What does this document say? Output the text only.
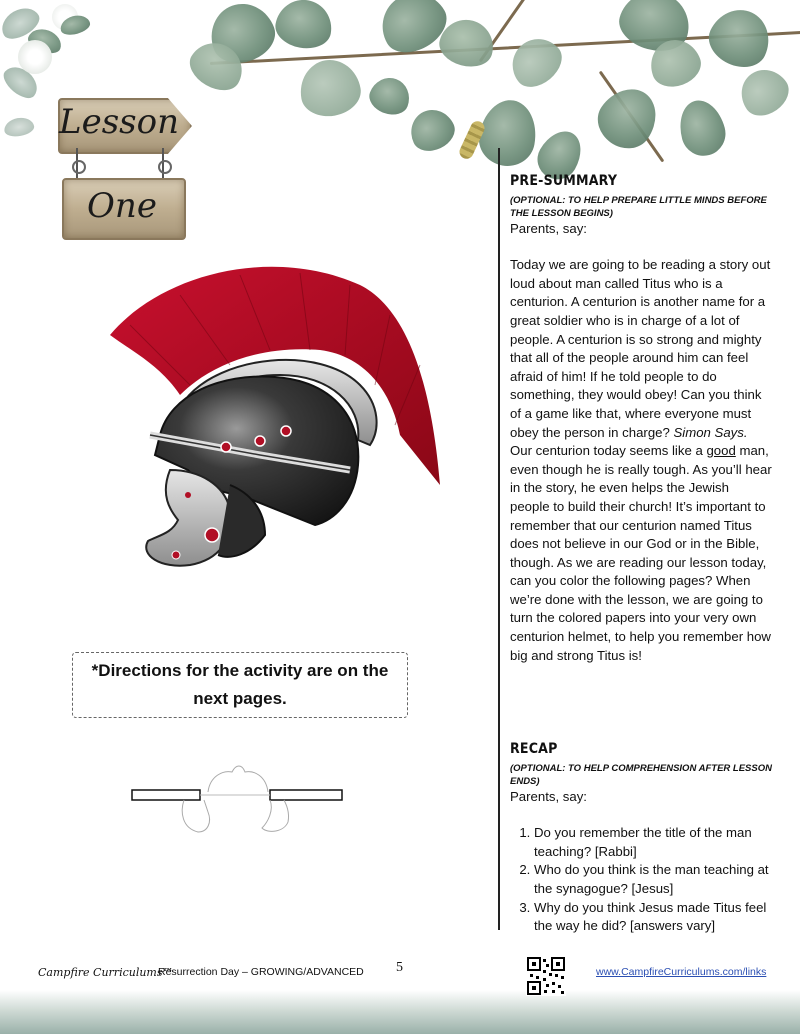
Lesson
One
*Directions for the activity are on the next pages.
PRE-SUMMARY
(OPTIONAL: TO HELP PREPARE LITTLE MINDS BEFORE THE LESSON BEGINS)
Parents, say:

Today we are going to be reading a story out loud about man called Titus who is a centurion. A centurion is another name for a great soldier who is in charge of a lot of people. A centurion is so strong and mighty that all of the people around him can feel afraid of him! If he told people to do something, they would obey! Can you think of a game like that, where everyone must obey the person in charge? Simon Says.

Our centurion today seems like a good man, even though he is really tough. As you’ll hear in the story, he even helps the Jewish people to build their church! It’s important to remember that our centurion named Titus does not believe in our God or in the Bible, though. As we are reading our lesson today, can you color the following pages? When we’re done with the lesson, we are going to turn the colored papers into your very own centurion helmet, to help you remember how big and strong Titus is!

RECAP
(OPTIONAL: TO HELP COMPREHENSION AFTER LESSON ENDS)
Parents, say:
1. Do you remember the title of the man teaching? [Rabbi]
2. Who do you think is the man teaching at the synagogue? [Jesus]
3. Why do you think Jesus made Titus feel the way he did? [answers vary]
Campfire Curriculums™
Resurrection Day – GROWING/ADVANCED 5	www.CampfireCurriculums.com/links
